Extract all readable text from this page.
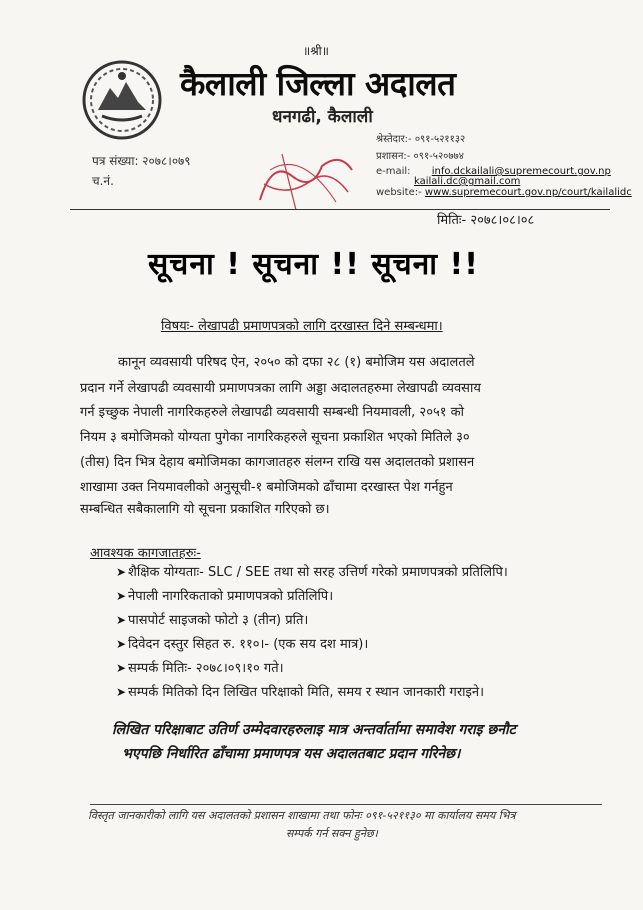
॥श्री॥
कैलाली जिल्ला अदालत
धनगढी, कैलाली
पत्र संख्या: २०७८।०७९
च.नं.
श्रेस्तेदार:- ०९१-५२११३२
प्रशासन:- ०९१-५२०७७४
e-mail: info.dckailali@supremecourt.gov.np
kailali.dc@gmail.com
website:- www.supremecourt.gov.np/court/kailalidc
मितिः- २०७८।०८।०८
सूचना ! सूचना !! सूचना !!
विषयः- लेखापढी प्रमाणपत्रको लागि दरखास्त दिने सम्बन्धमा।
कानून व्यवसायी परिषद ऐन, २०५० को दफा २८ (१) बमोजिम यस अदालतले
प्रदान गर्ने लेखापढी व्यवसायी प्रमाणपत्रका लागि अड्डा अदालतहरुमा लेखापढी व्यवसाय
गर्न इच्छुक नेपाली नागरिकहरुले लेखापढी व्यवसायी सम्बन्धी नियमावली, २०५१ को
नियम ३ बमोजिमको योग्यता पुगेका नागरिकहरुले सूचना प्रकाशित भएको मितिले ३०
(तीस) दिन भित्र देहाय बमोजिमका कागजातहरु संलग्न राखि यस अदालतको प्रशासन
शाखामा उक्त नियमावलीको अनुसूची-१ बमोजिमको ढाँचामा दरखास्त पेश गर्नहुन
सम्बन्धित सबैकालागि यो सूचना प्रकाशित गरिएको छ।
आवश्यक कागजातहरुः-
➤ शैक्षिक योग्यताः- SLC / SEE तथा सो सरह उत्तिर्ण गरेको प्रमाणपत्रको प्रतिलिपि।
➤ नेपाली नागरिकताको प्रमाणपत्रको प्रतिलिपि।
➤ पासपोर्ट साइजको फोटो ३ (तीन) प्रति।
➤ दिवेदन दस्तुर सिहत रु. ११०।- (एक सय दश मात्र)।
➤ सम्पर्क मितिः- २०७८।०९।१० गते।
➤ सम्पर्क मितिको दिन लिखित परिक्षाको मिति, समय र स्थान जानकारी गराइने।
लिखित परिक्षाबाट उतिर्ण उम्मेदवारहरुलाइ मात्र अन्तर्वार्तामा समावेश गराइ छनौट
भएपछि निर्धारित ढाँचामा प्रमाणपत्र यस अदालतबाट प्रदान गरिनेछ।
विस्तृत जानकारीको लागि यस अदालतको प्रशासन शाखामा तथा फोनः ०९१-५२११३० मा कार्यालय समय भित्र
सम्पर्क गर्न सक्न हुनेछ।
